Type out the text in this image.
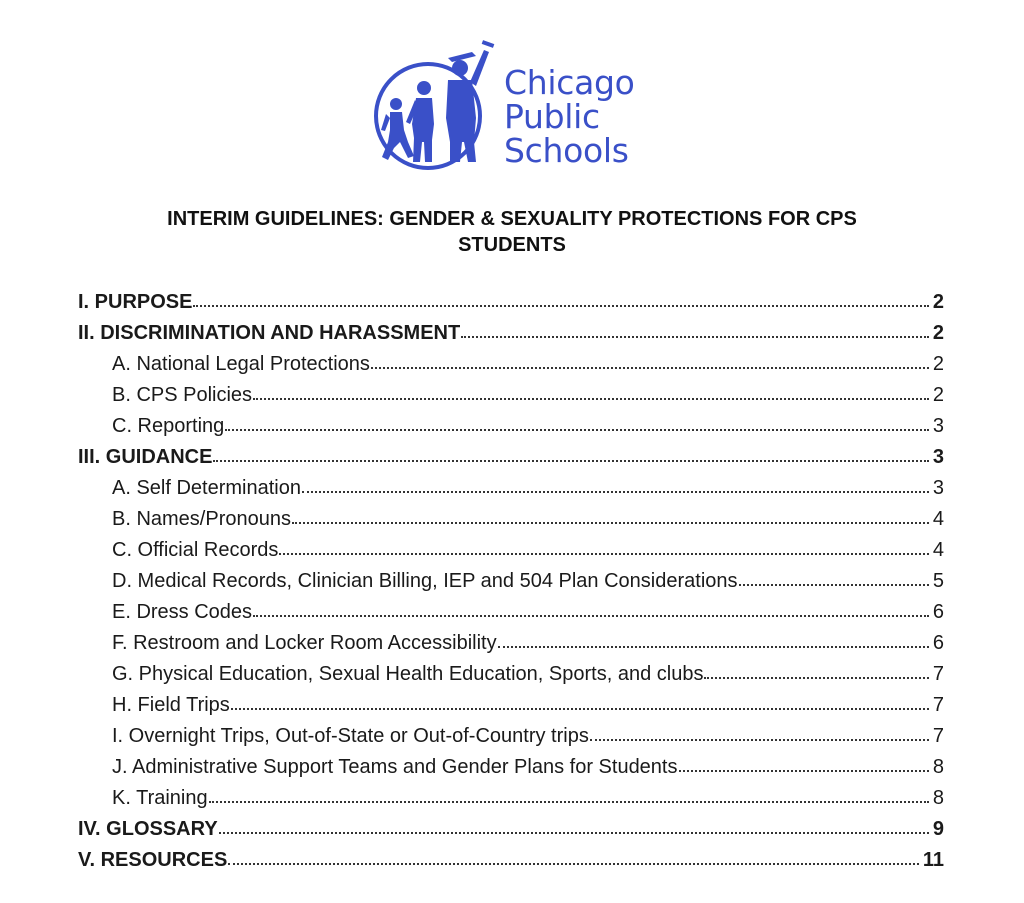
Chicago
Public
Schools
INTERIM GUIDELINES: GENDER & SEXUALITY PROTECTIONS FOR CPS
STUDENTS
I. PURPOSE	2
II. DISCRIMINATION AND HARASSMENT	2
A. National Legal Protections	2
B. CPS Policies	2
C. Reporting	3
III. GUIDANCE	3
A. Self Determination	3
B. Names/Pronouns	4
C. Official Records	4
D. Medical Records, Clinician Billing, IEP and 504 Plan Considerations	5
E. Dress Codes	6
F. Restroom and Locker Room Accessibility	6
G. Physical Education, Sexual Health Education, Sports, and clubs	7
H. Field Trips	7
I. Overnight Trips, Out-of-State or Out-of-Country trips	7
J. Administrative Support Teams and Gender Plans for Students	8
K. Training	8
IV. GLOSSARY	9
V. RESOURCES	11
